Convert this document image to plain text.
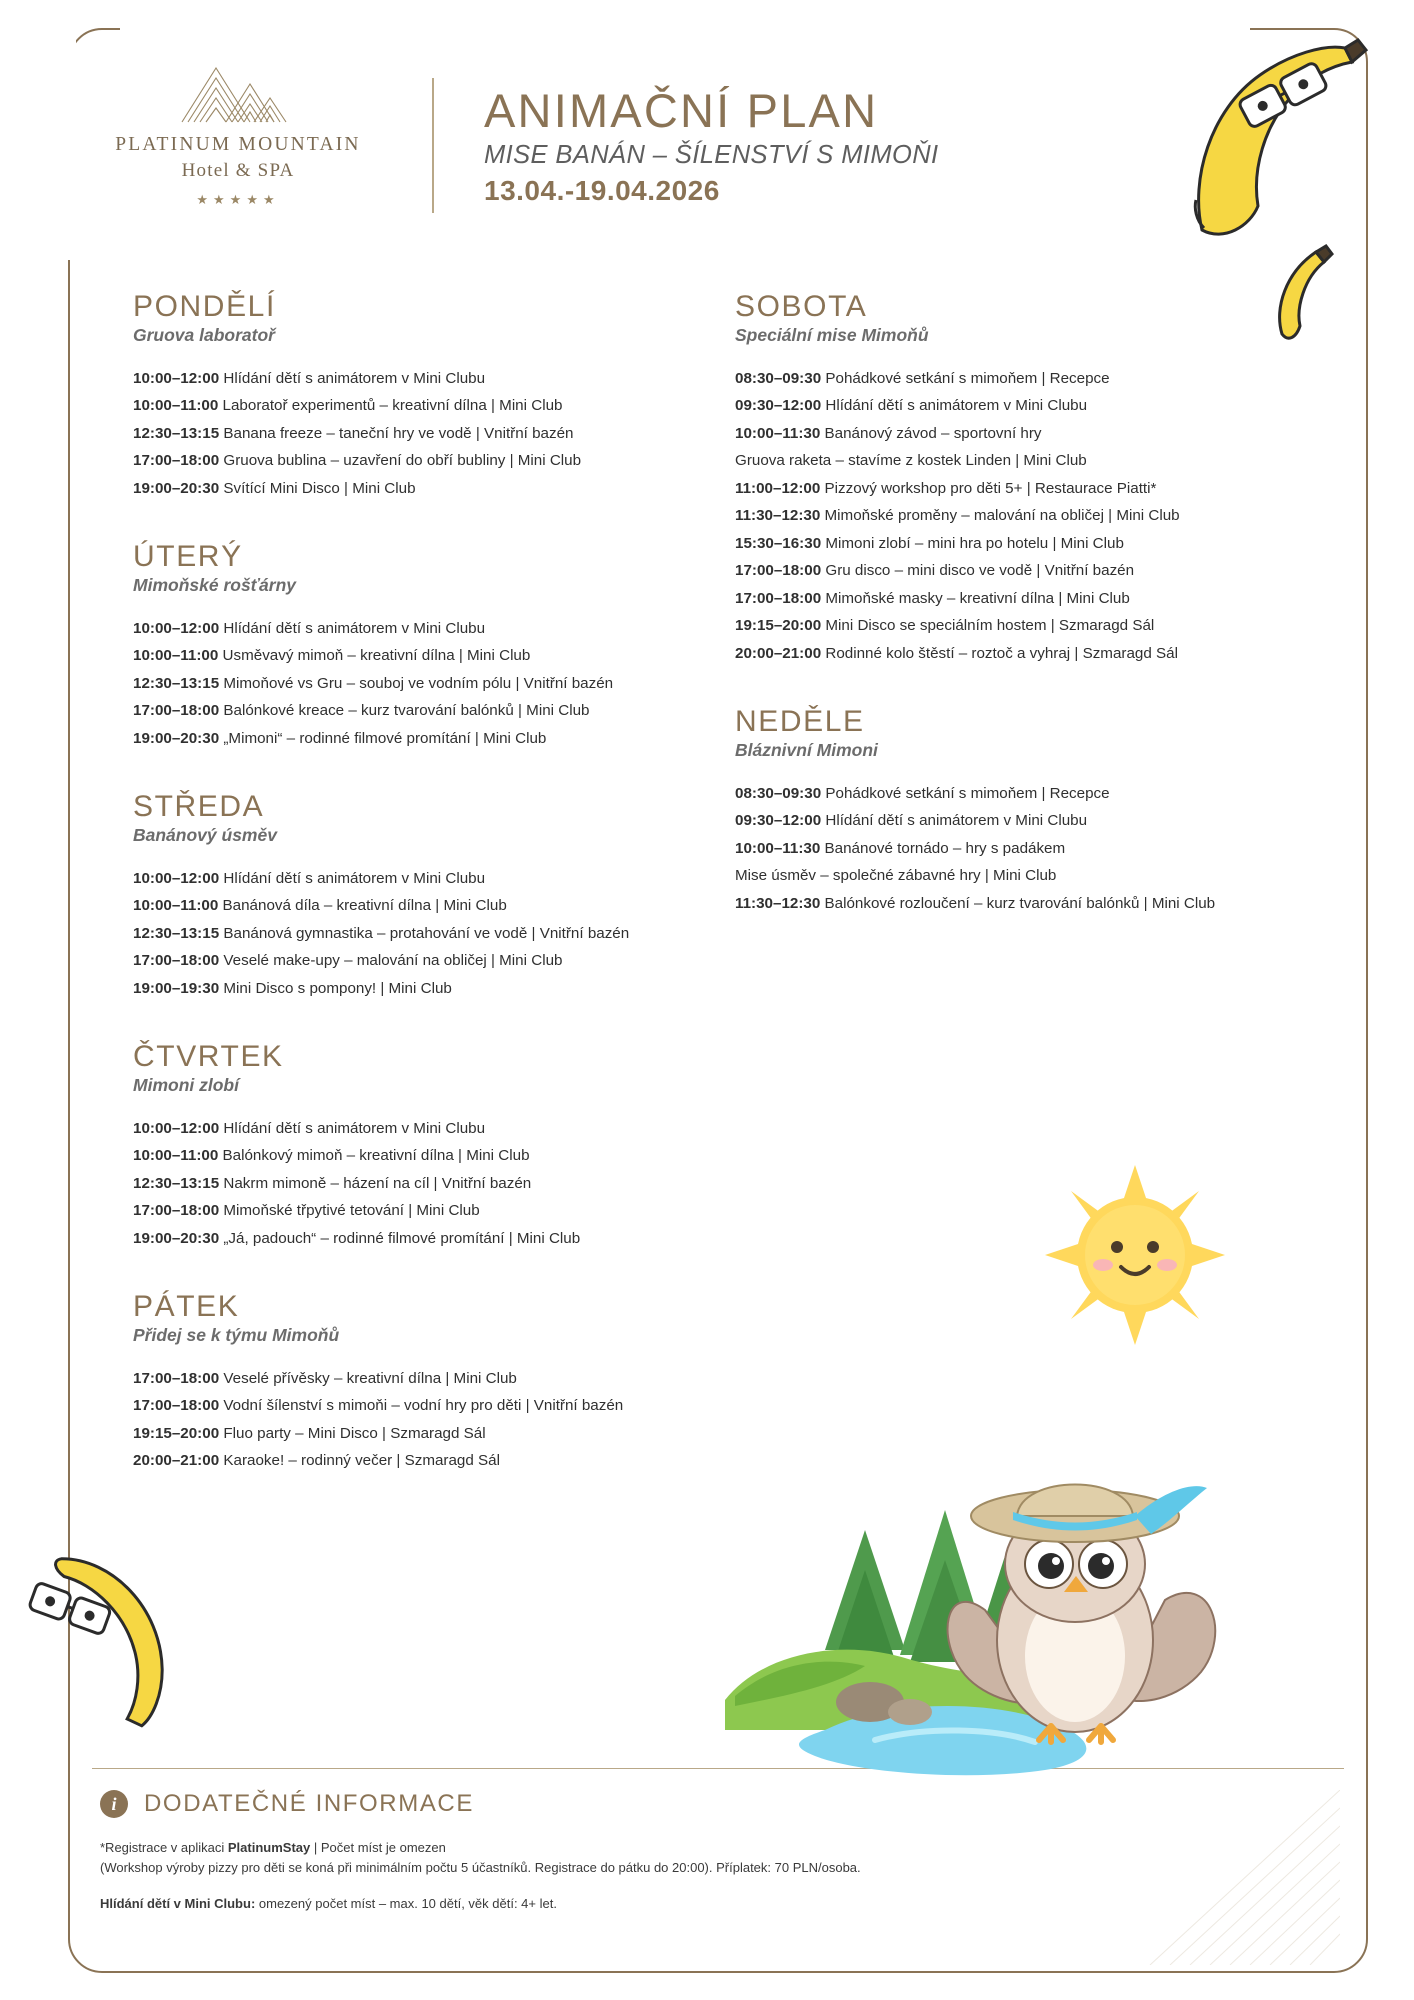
PLATINUM MOUNTAIN
Hotel & SPA
★★★★★
ANIMAČNÍ PLAN
MISE BANÁN – ŠÍLENSTVÍ S MIMOŇI
13.04.-19.04.2026
PONDĚLÍ
Gruova laboratoř
10:00–12:00 Hlídání dětí s animátorem v Mini Clubu
10:00–11:00 Laboratoř experimentů – kreativní dílna | Mini Club
12:30–13:15 Banana freeze – taneční hry ve vodě | Vnitřní bazén
17:00–18:00 Gruova bublina – uzavření do obří bubliny | Mini Club
19:00–20:30 Svítící Mini Disco | Mini Club
ÚTERÝ
Mimoňské rošťárny
10:00–12:00 Hlídání dětí s animátorem v Mini Clubu
10:00–11:00 Usměvavý mimoň – kreativní dílna | Mini Club
12:30–13:15 Mimoňové vs Gru – souboj ve vodním pólu | Vnitřní bazén
17:00–18:00 Balónkové kreace – kurz tvarování balónků | Mini Club
19:00–20:30 „Mimoni“ – rodinné filmové promítání | Mini Club
STŘEDA
Banánový úsměv
10:00–12:00 Hlídání dětí s animátorem v Mini Clubu
10:00–11:00 Banánová díla – kreativní dílna | Mini Club
12:30–13:15 Banánová gymnastika – protahování ve vodě | Vnitřní bazén
17:00–18:00 Veselé make-upy – malování na obličej | Mini Club
19:00–19:30 Mini Disco s pompony! | Mini Club
ČTVRTEK
Mimoni zlobí
10:00–12:00 Hlídání dětí s animátorem v Mini Clubu
10:00–11:00 Balónkový mimoň – kreativní dílna | Mini Club
12:30–13:15 Nakrm mimoně – házení na cíl | Vnitřní bazén
17:00–18:00 Mimoňské třpytivé tetování | Mini Club
19:00–20:30 „Já, padouch“ – rodinné filmové promítání | Mini Club
PÁTEK
Přidej se k týmu Mimoňů
17:00–18:00 Veselé přívěsky – kreativní dílna | Mini Club
17:00–18:00 Vodní šílenství s mimoňi – vodní hry pro děti | Vnitřní bazén
19:15–20:00 Fluo party – Mini Disco | Szmaragd Sál
20:00–21:00 Karaoke! – rodinný večer | Szmaragd Sál
SOBOTA
Speciální mise Mimoňů
08:30–09:30 Pohádkové setkání s mimoňem | Recepce
09:30–12:00 Hlídání dětí s animátorem v Mini Clubu
10:00–11:30 Banánový závod – sportovní hry
Gruova raketa – stavíme z kostek Linden | Mini Club
11:00–12:00 Pizzový workshop pro děti 5+ | Restaurace Piatti*
11:30–12:30 Mimoňské proměny – malování na obličej | Mini Club
15:30–16:30 Mimoni zlobí – mini hra po hotelu | Mini Club
17:00–18:00 Gru disco – mini disco ve vodě | Vnitřní bazén
17:00–18:00 Mimoňské masky – kreativní dílna | Mini Club
19:15–20:00 Mini Disco se speciálním hostem | Szmaragd Sál
20:00–21:00 Rodinné kolo štěstí – roztoč a vyhraj | Szmaragd Sál
NEDĚLE
Bláznivní Mimoni
08:30–09:30 Pohádkové setkání s mimoňem | Recepce
09:30–12:00 Hlídání dětí s animátorem v Mini Clubu
10:00–11:30 Banánové tornádo – hry s padákem
Mise úsměv – společné zábavné hry | Mini Club
11:30–12:30 Balónkové rozloučení – kurz tvarování balónků | Mini Club
i	DODATEČNÉ INFORMACE
*Registrace v aplikaci PlatinumStay | Počet míst je omezen
(Workshop výroby pizzy pro děti se koná při minimálním počtu 5 účastníků. Registrace do pátku do 20:00). Příplatek: 70 PLN/osoba.
Hlídání dětí v Mini Clubu: omezený počet míst – max. 10 dětí, věk dětí: 4+ let.
